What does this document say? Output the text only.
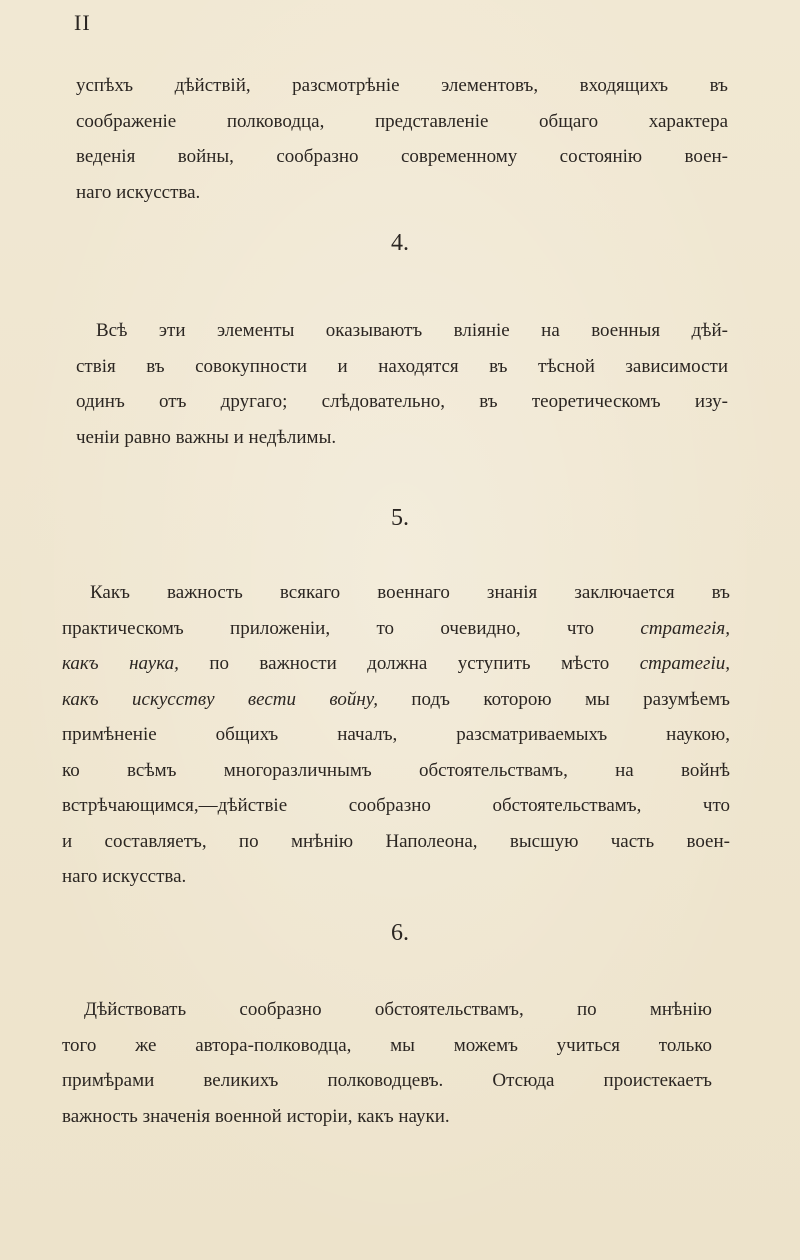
II
успѣхъ дѣйствій, разсмотрѣніе элементовъ, входящихъ въ
соображеніе полководца, представленіе общаго характера
веденія войны, сообразно современному состоянію воен-
наго искусства.
4.
Всѣ эти элементы оказываютъ вліяніе на военныя дѣй-
ствія въ совокупности и находятся въ тѣсной зависимости
одинъ отъ другаго; слѣдовательно, въ теоретическомъ изу-
ченіи равно важны и недѣлимы.
5.
Какъ важность всякаго военнаго знанія заключается въ
практическомъ приложеніи, то очевидно, что стратегія,
какъ наука, по важности должна уступить мѣсто стратегіи,
какъ искусству вести войну, подъ которою мы разумѣемъ
примѣненіе общихъ началъ, разсматриваемыхъ наукою,
ко всѣмъ многоразличнымъ обстоятельствамъ, на войнѣ
встрѣчающимся,—дѣйствіе сообразно обстоятельствамъ, что
и составляетъ, по мнѣнію Наполеона, высшую часть воен-
наго искусства.
6.
Дѣйствовать сообразно обстоятельствамъ, по мнѣнію
того же автора-полководца, мы можемъ учиться только
примѣрами великихъ полководцевъ. Отсюда проистекаетъ
важность значенія военной исторіи, какъ науки.
